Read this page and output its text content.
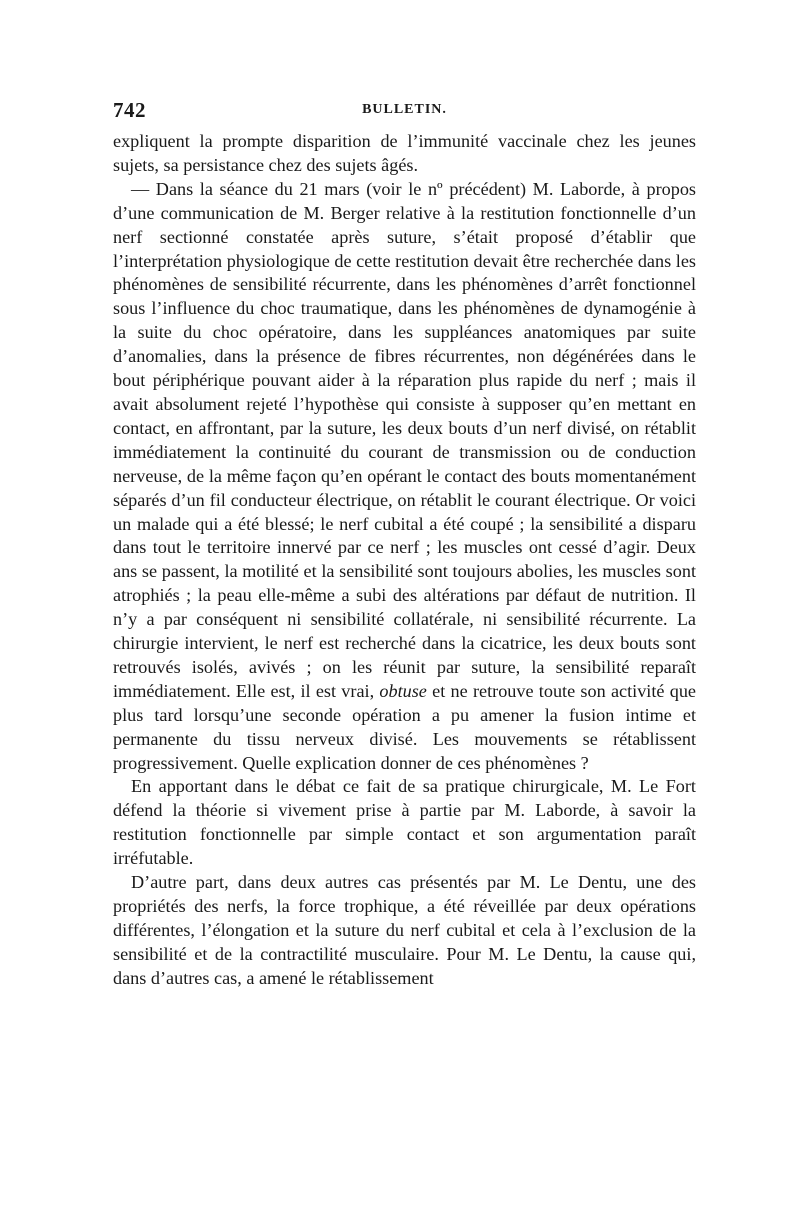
742	BULLETIN.

expliquent la prompte disparition de l’immunité vaccinale chez les jeunes sujets, sa persistance chez des sujets âgés.

— Dans la séance du 21 mars (voir le nº précédent) M. Laborde, à propos d’une communication de M. Berger relative à la restitution fonctionnelle d’un nerf sectionné constatée après suture, s’était proposé d’établir que l’interprétation physiologique de cette restitution devait être recherchée dans les phénomènes de sensibilité récurrente, dans les phénomènes d’arrêt fonctionnel sous l’influence du choc traumatique, dans les phénomènes de dynamogénie à la suite du choc opératoire, dans les suppléances anatomiques par suite d’anomalies, dans la présence de fibres récurrentes, non dégénérées dans le bout périphérique pouvant aider à la réparation plus rapide du nerf ; mais il avait absolument rejeté l’hypothèse qui consiste à supposer qu’en mettant en contact, en affrontant, par la suture, les deux bouts d’un nerf divisé, on rétablit immédiatement la continuité du courant de transmission ou de conduction nerveuse, de la même façon qu’en opérant le contact des bouts momentanément séparés d’un fil conducteur électrique, on rétablit le courant électrique. Or voici un malade qui a été blessé; le nerf cubital a été coupé ; la sensibilité a disparu dans tout le territoire innervé par ce nerf ; les muscles ont cessé d’agir. Deux ans se passent, la motilité et la sensibilité sont toujours abolies, les muscles sont atrophiés ; la peau elle-même a subi des altérations par défaut de nutrition. Il n’y a par conséquent ni sensibilité collatérale, ni sensibilité récurrente. La chirurgie intervient, le nerf est recherché dans la cicatrice, les deux bouts sont retrouvés isolés, avivés ; on les réunit par suture, la sensibilité reparaît immédiatement. Elle est, il est vrai, obtuse et ne retrouve toute son activité que plus tard lorsqu’une seconde opération a pu amener la fusion intime et permanente du tissu nerveux divisé. Les mouvements se rétablissent progressivement. Quelle explication donner de ces phénomènes ?

En apportant dans le débat ce fait de sa pratique chirurgicale, M. Le Fort défend la théorie si vivement prise à partie par M. Laborde, à savoir la restitution fonctionnelle par simple contact et son argumentation paraît irréfutable.

D’autre part, dans deux autres cas présentés par M. Le Dentu, une des propriétés des nerfs, la force trophique, a été réveillée par deux opérations différentes, l’élongation et la suture du nerf cubital et cela à l’exclusion de la sensibilité et de la contractilité musculaire. Pour M. Le Dentu, la cause qui, dans d’autres cas, a amené le rétablissement
